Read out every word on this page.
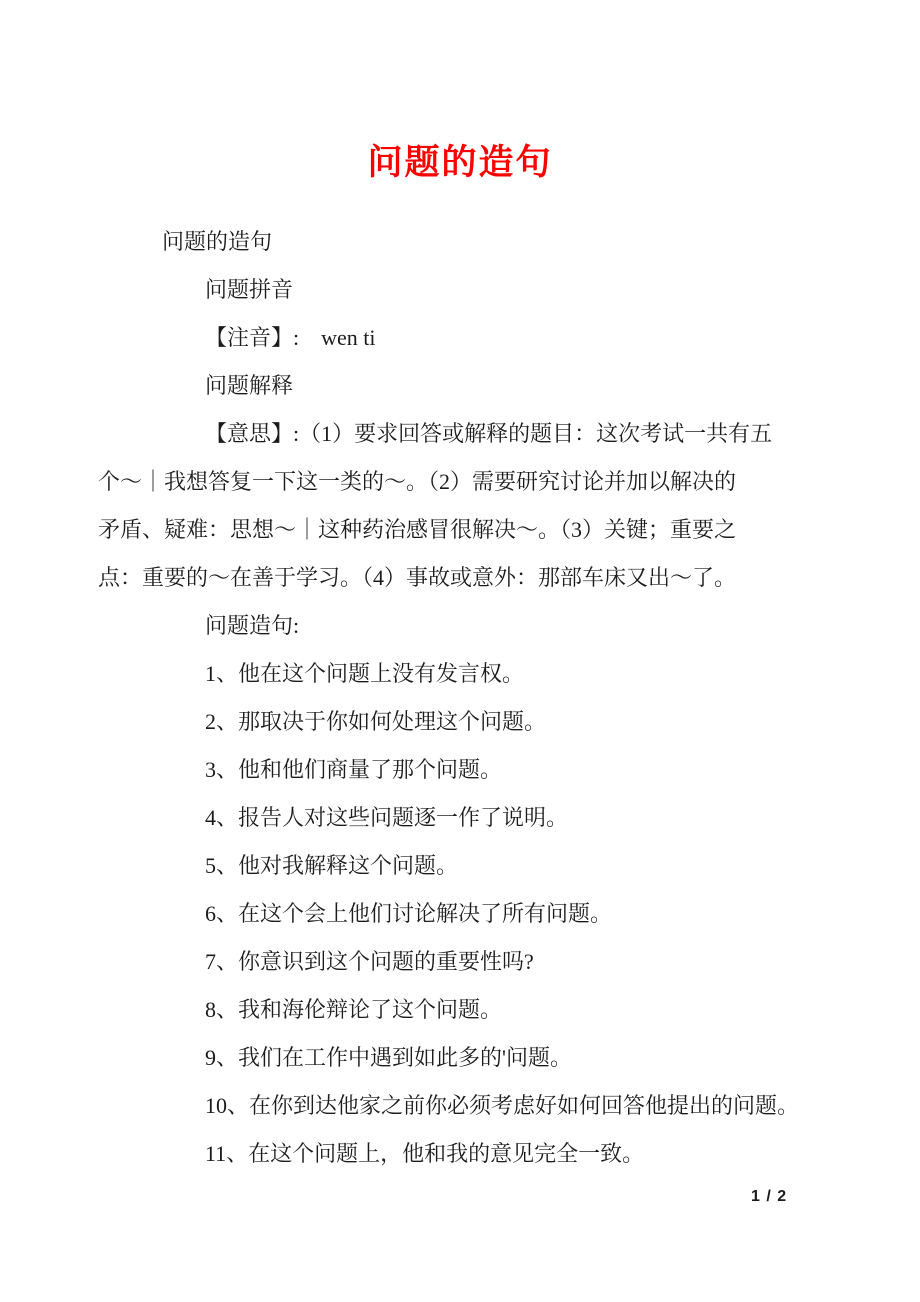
问题的造句

问题的造句

问题拼音

【注音】:    wen ti

问题解释

【意思】:（1）要求回答或解释的题目：这次考试一共有五

个～｜我想答复一下这一类的～。（2）需要研究讨论并加以解决的

矛盾、疑难：思想～｜这种药治感冒很解决～。（3）关键；重要之

点：重要的～在善于学习。（4）事故或意外：那部车床又出～了。

问题造句:

1、他在这个问题上没有发言权。

2、那取决于你如何处理这个问题。

3、他和他们商量了那个问题。

4、报告人对这些问题逐一作了说明。

5、他对我解释这个问题。

6、在这个会上他们讨论解决了所有问题。

7、你意识到这个问题的重要性吗?

8、我和海伦辩论了这个问题。

9、我们在工作中遇到如此多的'问题。

10、在你到达他家之前你必须考虑好如何回答他提出的问题。

11、在这个问题上，他和我的意见完全一致。

1 / 2
